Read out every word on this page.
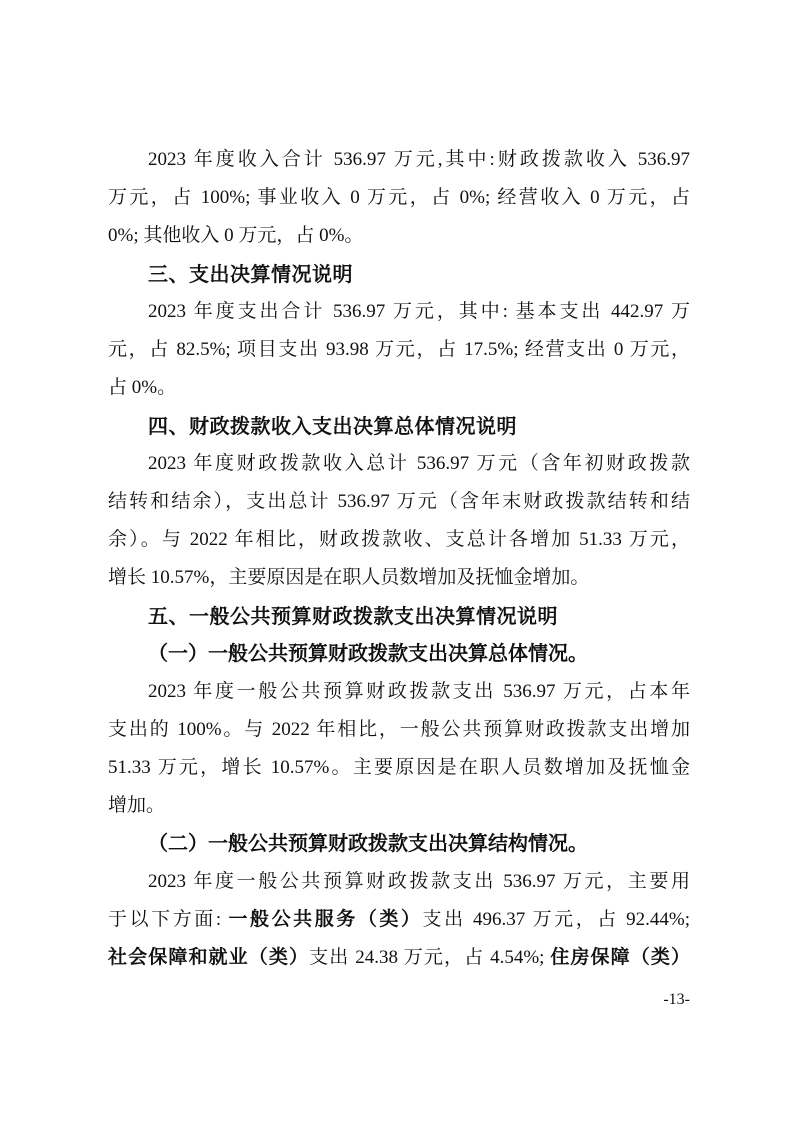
2023 年度收入合计 536.97 万元,其中:财政拨款收入 536.97
万元，占 100%; 事业收入 0 万元，占 0%; 经营收入 0 万元，占
0%; 其他收入 0 万元，占 0%。
三、支出决算情况说明
2023 年度支出合计 536.97 万元，其中: 基本支出 442.97 万
元，占 82.5%; 项目支出 93.98 万元，占 17.5%; 经营支出 0 万元，
占 0%。
四、财政拨款收入支出决算总体情况说明
2023 年度财政拨款收入总计 536.97 万元（含年初财政拨款
结转和结余），支出总计 536.97 万元（含年末财政拨款结转和结
余）。与 2022 年相比，财政拨款收、支总计各增加 51.33 万元，
增长 10.57%，主要原因是在职人员数增加及抚恤金增加。
五、一般公共预算财政拨款支出决算情况说明
（一）一般公共预算财政拨款支出决算总体情况。
2023 年度一般公共预算财政拨款支出 536.97 万元，占本年
支出的 100%。与 2022 年相比，一般公共预算财政拨款支出增加
51.33 万元，增长 10.57%。主要原因是在职人员数增加及抚恤金
增加。
（二）一般公共预算财政拨款支出决算结构情况。
2023 年度一般公共预算财政拨款支出 536.97 万元，主要用
于以下方面: 一般公共服务（类）支出 496.37 万元，占 92.44%;
社会保障和就业（类）支出 24.38 万元，占 4.54%; 住房保障（类）
-13-
